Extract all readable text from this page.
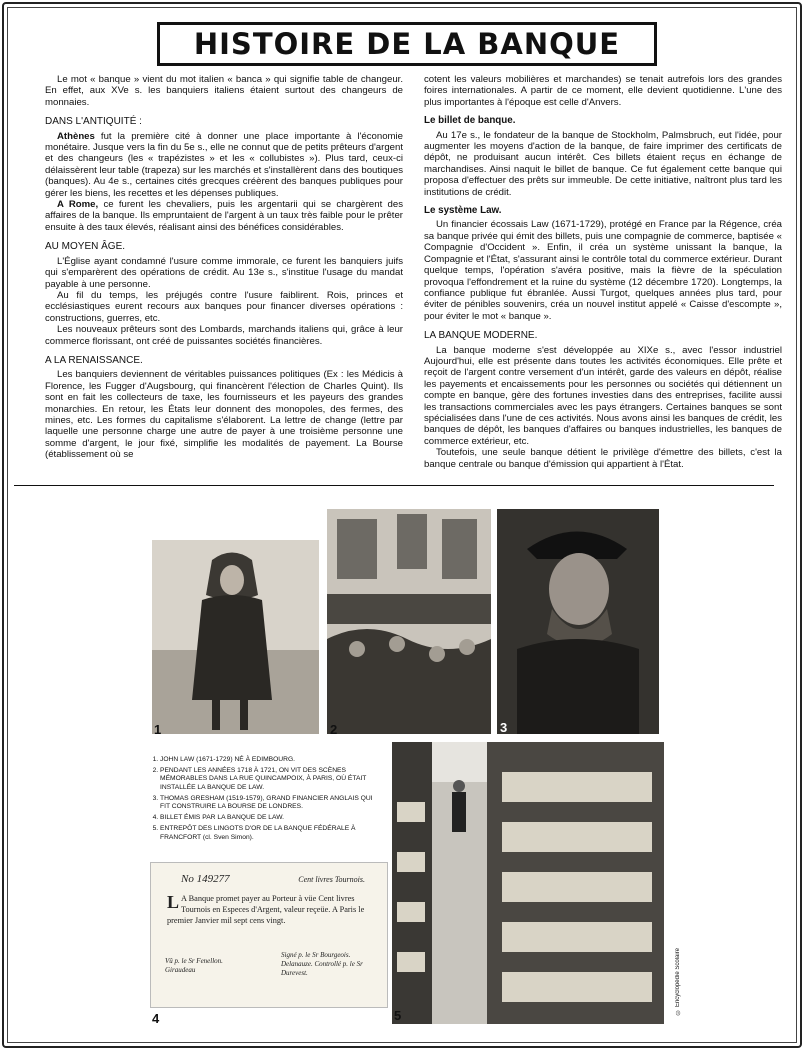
HISTOIRE DE LA BANQUE

Le mot « banque » vient du mot italien « banca » qui signifie table de changeur. En effet, aux XVe s. les banquiers italiens étaient surtout des changeurs de monnaies.

DANS L'ANTIQUITÉ :

Athènes fut la première cité à donner une place importante à l'économie monétaire. Jusque vers la fin du 5e s., elle ne connut que de petits prêteurs d'argent et des changeurs (les « trapézistes » et les « collubistes »). Plus tard, ceux-ci délaissèrent leur table (trapeza) sur les marchés et s'installèrent dans des boutiques (banques). Au 4e s., certaines cités grecques créèrent des banques publiques pour gérer les biens, les recettes et les dépenses publiques.

A Rome, ce furent les chevaliers, puis les argentarii qui se chargèrent des affaires de la banque. Ils empruntaient de l'argent à un taux très faible pour le prêter ensuite à des taux élevés, réalisant ainsi des bénéfices considérables.

AU MOYEN ÂGE.

L'Église ayant condamné l'usure comme immorale, ce furent les banquiers juifs qui s'emparèrent des opérations de crédit. Au 13e s., s'institue l'usage du mandat payable à une personne.

Au fil du temps, les préjugés contre l'usure faiblirent. Rois, princes et ecclésiastiques eurent recours aux banques pour financer diverses opérations : constructions, guerres, etc.

Les nouveaux prêteurs sont des Lombards, marchands italiens qui, grâce à leur commerce florissant, ont créé de puissantes sociétés financières.

A LA RENAISSANCE.

Les banquiers deviennent de véritables puissances politiques (Ex : les Médicis à Florence, les Fugger d'Augsbourg, qui financèrent l'élection de Charles Quint). Ils sont en fait les collecteurs de taxe, les fournisseurs et les payeurs des grandes monarchies. En retour, les États leur donnent des monopoles, des fermes, des mines, etc. Les formes du capitalisme s'élaborent. La lettre de change (lettre par laquelle une personne charge une autre de payer à une troisième personne une somme d'argent, le jour fixé, simplifie les modalités de payement. La Bourse (établissement où se

cotent les valeurs mobilières et marchandes) se tenait autrefois lors des grandes foires internationales. A partir de ce moment, elle devient quotidienne. L'une des plus importantes à l'époque est celle d'Anvers.

Le billet de banque.

Au 17e s., le fondateur de la banque de Stockholm, Palmsbruch, eut l'idée, pour augmenter les moyens d'action de la banque, de faire imprimer des certificats de dépôt, ne produisant aucun intérêt. Ces billets étaient reçus en échange de marchandises. Ainsi naquit le billet de banque. Ce fut également cette banque qui proposa d'effectuer des prêts sur immeuble. De cette initiative, naîtront plus tard les institutions de crédit.

Le système Law.

Un financier écossais Law (1671-1729), protégé en France par la Régence, créa sa banque privée qui émit des billets, puis une compagnie de commerce, baptisée « Compagnie d'Occident ». Enfin, il créa un système unissant la banque, la Compagnie et l'État, s'assurant ainsi le contrôle total du commerce extérieur. Durant quelque temps, l'opération s'avéra positive, mais la fièvre de la spéculation provoqua l'effondrement et la ruine du système (12 décembre 1720). Longtemps, la confiance publique fut ébranlée. Aussi Turgot, quelques années plus tard, pour éviter de pénibles souvenirs, créa un nouvel institut appelé « Caisse d'escompte », pour éviter le mot « banque ».

LA BANQUE MODERNE.

La banque moderne s'est développée au XIXe s., avec l'essor industriel Aujourd'hui, elle est présente dans toutes les activités économiques. Elle prête et reçoit de l'argent contre versement d'un intérêt, garde des valeurs en dépôt, réalise les payements et encaissements pour les personnes ou sociétés qui détiennent un compte en banque, gère des fortunes investies dans des entreprises, facilite aussi les transactions commerciales avec les pays étrangers. Certaines banques se sont spécialisées dans l'une de ces activités. Nous avons ainsi les banques de crédit, les banques de dépôt, les banques d'affaires ou banques industrielles, les banques de commerce extérieur, etc.

Toutefois, une seule banque détient le privilège d'émettre des billets, c'est la banque centrale ou banque d'émission qui appartient à l'État.

1	2	3
1. JOHN LAW (1671-1729) NÉ À EDIMBOURG.
2. PENDANT LES ANNÉES 1718 À 1721, ON VIT DES SCÈNES MÉMORABLES DANS LA RUE QUINCAMPOIX, À PARIS, OÙ ÉTAIT INSTALLÉE LA BANQUE DE LAW.
3. THOMAS GRESHAM (1519-1579), GRAND FINANCIER ANGLAIS QUI FIT CONSTRUIRE LA BOURSE DE LONDRES.
4. BILLET ÉMIS PAR LA BANQUE DE LAW.
5. ENTREPÔT DES LINGOTS D'OR DE LA BANQUE FÉDÉRALE À FRANCFORT (cl. Sven Simon).
No 149277	Cent livres Tournois.
L A Banque promet payer au Porteur à vüe Cent livres Tournois en Especes d'Argent, valeur reçeüe. A Paris le premier Janvier mil sept cens vingt.
Vû p. le Sr Fenellon. Giraudeau
Signé p. le Sr Bourgeois. Delanauze. Controllé p. le Sr Durevest.
4	5
© Encyclopédie Scolaire
